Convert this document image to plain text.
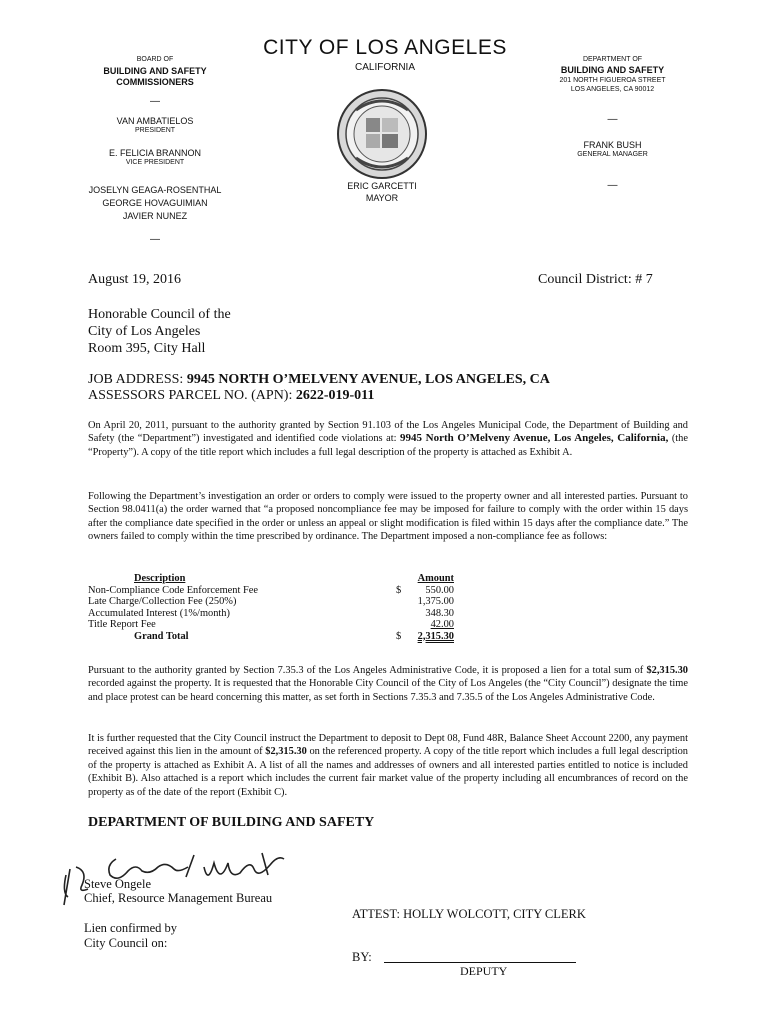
CITY OF LOS ANGELES
CALIFORNIA
BOARD OF
BUILDING AND SAFETY
COMMISSIONERS
—
VAN AMBATIELOS
PRESIDENT
E. FELICIA BRANNON
VICE PRESIDENT
JOSELYN GEAGA-ROSENTHAL
GEORGE HOVAGUIMIAN
JAVIER NUNEZ
—
ERIC GARCETTI
MAYOR
DEPARTMENT OF
BUILDING AND SAFETY
201 NORTH FIGUEROA STREET
LOS ANGELES, CA 90012
—
FRANK BUSH
GENERAL MANAGER
—
August 19, 2016	Council District: # 7
Honorable Council of the
City of Los Angeles
Room 395, City Hall
JOB ADDRESS: 9945 NORTH O’MELVENY AVENUE, LOS ANGELES, CA
ASSESSORS PARCEL NO. (APN): 2622-019-011
On April 20, 2011, pursuant to the authority granted by Section 91.103 of the Los Angeles Municipal Code, the Department of Building and Safety (the “Department”) investigated and identified code violations at: 9945 North O’Melveny Avenue, Los Angeles, California, (the “Property”). A copy of the title report which includes a full legal description of the property is attached as Exhibit A.
Following the Department’s investigation an order or orders to comply were issued to the property owner and all interested parties. Pursuant to Section 98.0411(a) the order warned that “a proposed noncompliance fee may be imposed for failure to comply with the order within 15 days after the compliance date specified in the order or unless an appeal or slight modification is filed within 15 days after the compliance date.” The owners failed to comply within the time prescribed by ordinance. The Department imposed a non-compliance fee as follows:
Description	Amount
Non-Compliance Code Enforcement Fee	$ 550.00
Late Charge/Collection Fee (250%)	1,375.00
Accumulated Interest (1%/month)	348.30
Title Report Fee	42.00
Grand Total	$ 2,315.30
Pursuant to the authority granted by Section 7.35.3 of the Los Angeles Administrative Code, it is proposed a lien for a total sum of $2,315.30 recorded against the property. It is requested that the Honorable City Council of the City of Los Angeles (the “City Council”) designate the time and place protest can be heard concerning this matter, as set forth in Sections 7.35.3 and 7.35.5 of the Los Angeles Administrative Code.
It is further requested that the City Council instruct the Department to deposit to Dept 08, Fund 48R, Balance Sheet Account 2200, any payment received against this lien in the amount of $2,315.30 on the referenced property. A copy of the title report which includes a full legal description of the property is attached as Exhibit A. A list of all the names and addresses of owners and all interested parties entitled to notice is included (Exhibit B). Also attached is a report which includes the current fair market value of the property including all encumbrances of record on the property as of the date of the report (Exhibit C).
DEPARTMENT OF BUILDING AND SAFETY
Steve Ongele
Chief, Resource Management Bureau
ATTEST: HOLLY WOLCOTT, CITY CLERK
Lien confirmed by
City Council on:
BY:
DEPUTY
